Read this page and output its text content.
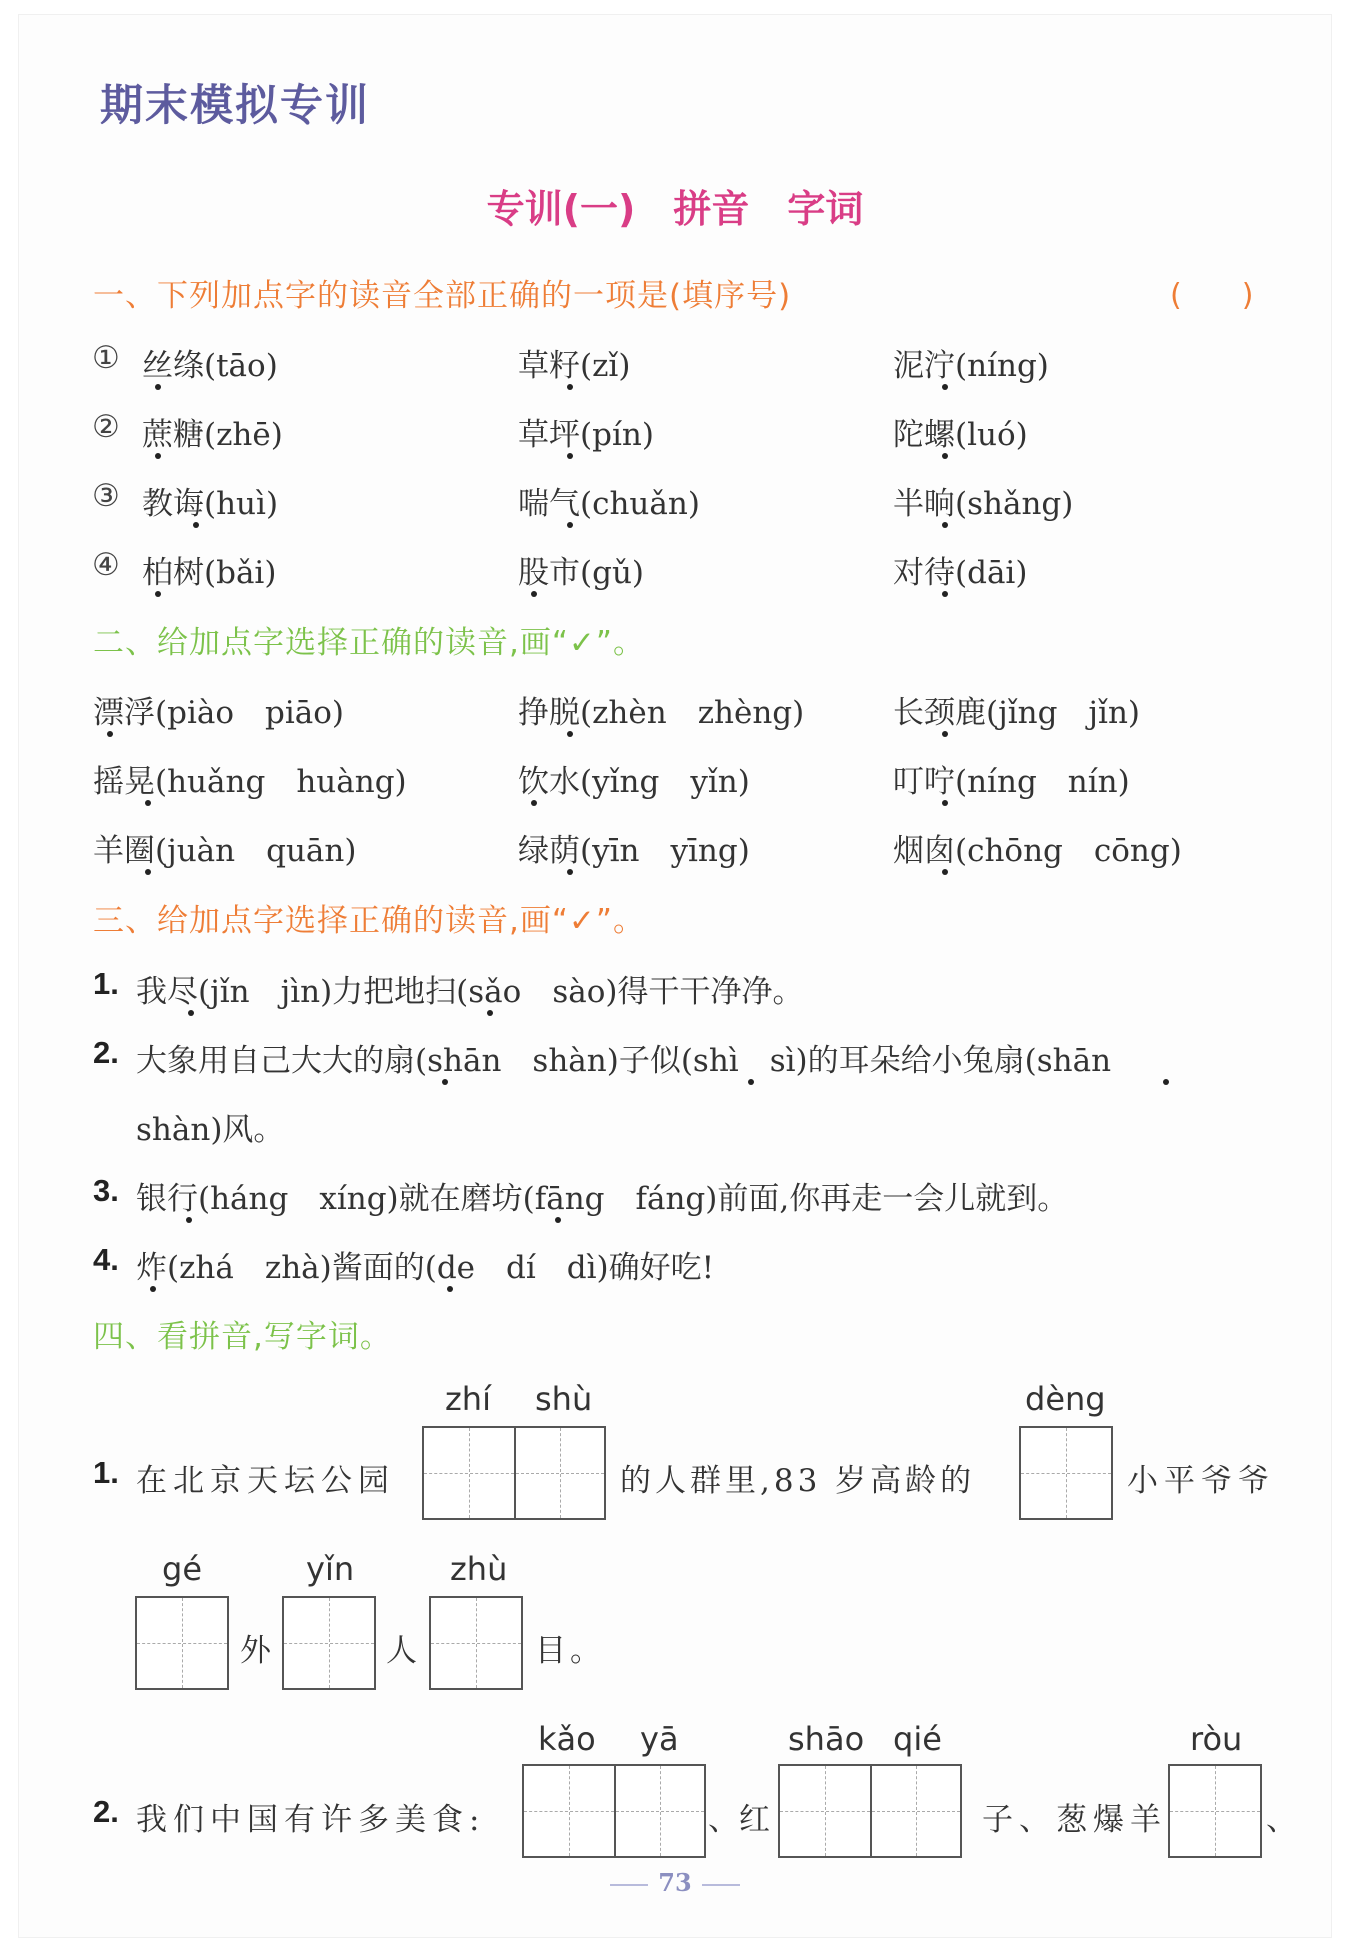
期末模拟专训
专训(一)　拼音　字词
一、下列加点字的读音全部正确的一项是(填序号)	(　　)
① 丝绦(tāo)	草籽(zǐ)	泥泞(níng)
② 蔗糖(zhē)	草坪(pín)	陀螺(luó)
③ 教诲(huì)	喘气(chuǎn)	半晌(shǎng)
④ 柏树(bǎi)	股市(gǔ)	对待(dāi)
二、给加点字选择正确的读音,画“✓”。
漂浮(piào　piāo)	挣脱(zhèn　zhèng)	长颈鹿(jǐng　jǐn)
摇晃(huǎng　huàng)	饮水(yǐng　yǐn)	叮咛(níng　nín)
羊圈(juàn　quān)	绿荫(yīn　yīng)	烟囱(chōng　cōng)
三、给加点字选择正确的读音,画“✓”。
1. 我尽(jǐn　jìn)力把地扫(sǎo　sào)得干干净净。
2. 大象用自己大大的扇(shān　shàn)子似(shì　sì)的耳朵给小兔扇(shān
shàn)风。
3. 银行(háng　xíng)就在磨坊(fāng　fáng)前面,你再走一会儿就到。
4. 炸(zhá　zhà)酱面的(de　dí　dì)确好吃!
四、看拼音,写字词。
zhí shù	dèng
1. 在北京天坛公园	的人群里,83 岁高龄的	小平爷爷
gé	yǐn	zhù
外	人	目。
kǎo yā	shāo qié	ròu
2. 我们中国有许多美食:	、红	子、葱爆羊	、
73
